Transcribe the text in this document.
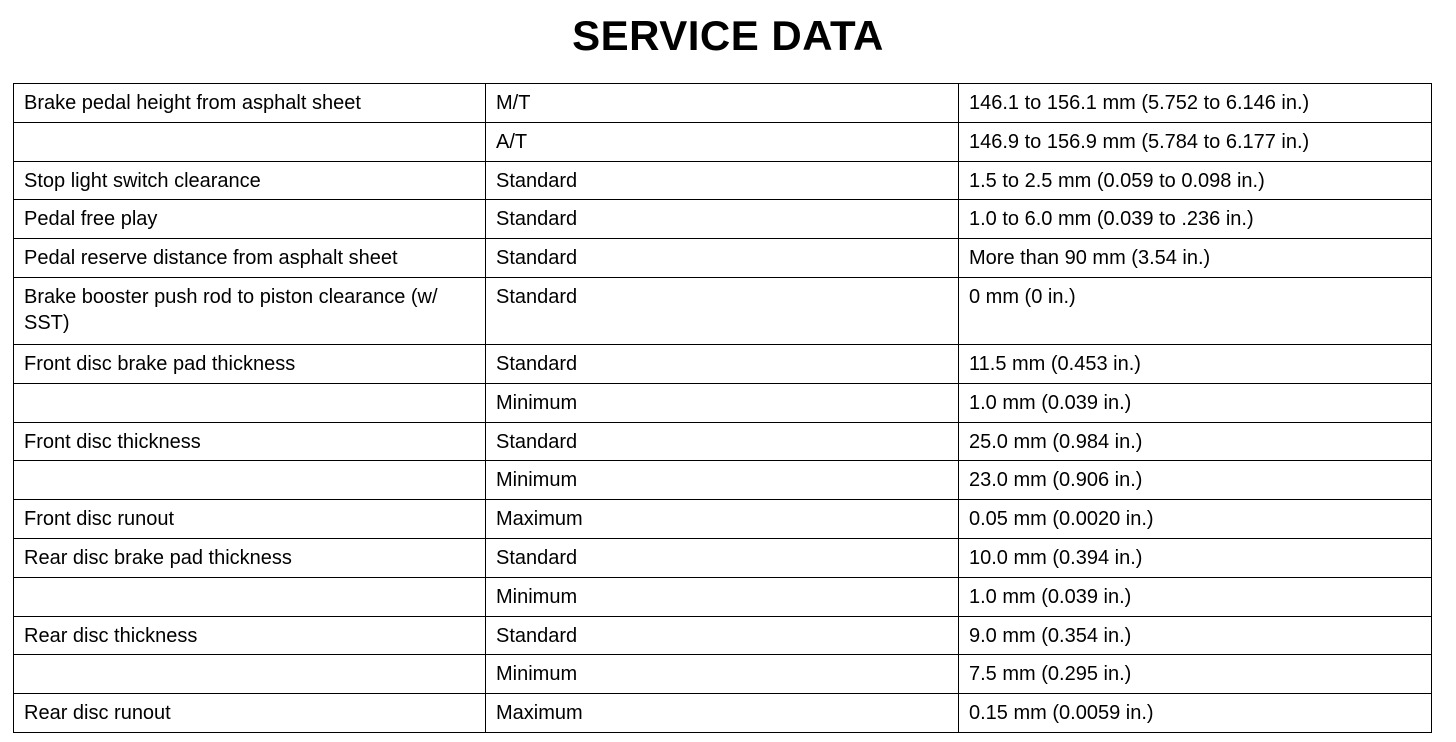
SERVICE DATA
Brake pedal height from asphalt sheet	M/T	146.1 to 156.1 mm (5.752 to 6.146 in.)
	A/T	146.9 to 156.9 mm (5.784 to 6.177 in.)
Stop light switch clearance	Standard	1.5 to 2.5 mm (0.059 to 0.098 in.)
Pedal free play	Standard	1.0 to 6.0 mm (0.039 to .236 in.)
Pedal reserve distance from asphalt sheet	Standard	More than 90 mm (3.54 in.)
Brake booster push rod to piston clearance (w/ SST)	Standard	0 mm (0 in.)
Front disc brake pad thickness	Standard	11.5 mm (0.453 in.)
	Minimum	1.0 mm (0.039 in.)
Front disc thickness	Standard	25.0 mm (0.984 in.)
	Minimum	23.0 mm (0.906 in.)
Front disc runout	Maximum	0.05 mm (0.0020 in.)
Rear disc brake pad thickness	Standard	10.0 mm (0.394 in.)
	Minimum	1.0 mm (0.039 in.)
Rear disc thickness	Standard	9.0 mm (0.354 in.)
	Minimum	7.5 mm (0.295 in.)
Rear disc runout	Maximum	0.15 mm (0.0059 in.)
